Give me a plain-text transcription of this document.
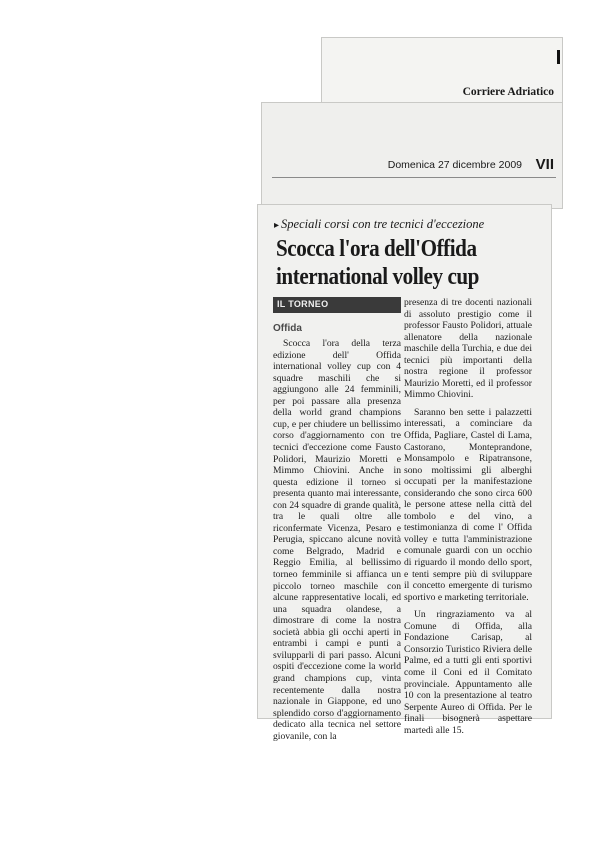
Corriere Adriatico
Domenica 27 dicembre 2009 VII
▸ Speciali corsi con tre tecnici d'eccezione
Scocca l'ora dell'Offida international volley cup
IL TORNEO
Offida

Scocca l'ora della terza edizione dell' Offida international volley cup con 4 squadre maschili che si aggiungono alle 24 femminili, per poi passare alla presenza della world grand champions cup, e per chiudere un bellissimo corso d'aggiornamento con tre tecnici d'eccezione come Fausto Polidori, Maurizio Moretti e Mimmo Chiovini. Anche in questa edizione il torneo si presenta quanto mai interessante, con 24 squadre di grande qualità, tra le quali oltre alle riconfermate Vicenza, Pesaro e Perugia, spiccano alcune novità come Belgrado, Madrid e Reggio Emilia, al bellissimo torneo femminile si affianca un piccolo torneo maschile con alcune rappresentative locali, ed una squadra olandese, a dimostrare di come la nostra società abbia gli occhi aperti in entrambi i campi e punti a svilupparli di pari passo. Alcuni ospiti d'eccezione come la world grand champions cup, vinta recentemente dalla nostra nazionale in Giappone, ed uno splendido corso d'aggiornamento dedicato alla tecnica nel settore giovanile, con la

presenza di tre docenti nazionali di assoluto prestigio come il professor Fausto Polidori, attuale allenatore della nazionale maschile della Turchia, e due dei tecnici più importanti della nostra regione il professor Maurizio Moretti, ed il professor Mimmo Chiovini.

Saranno ben sette i palazzetti interessati, a cominciare da Offida, Pagliare, Castel di Lama, Castorano, Monteprandone, Monsampolo e Ripatransone, sono moltissimi gli alberghi occupati per la manifestazione considerando che sono circa 600 le persone attese nella città del tombolo e del vino, a testimonianza di come l' Offida volley e tutta l'amministrazione comunale guardi con un occhio di riguardo il mondo dello sport, e tenti sempre più di sviluppare il concetto emergente di turismo sportivo e marketing territoriale.

Un ringraziamento va al Comune di Offida, alla Fondazione Carisap, al Consorzio Turistico Riviera delle Palme, ed a tutti gli enti sportivi come il Coni ed il Comitato provinciale. Appuntamento alle 10 con la presentazione al teatro Serpente Aureo di Offida. Per le finali bisognerà aspettare martedì alle 15.
